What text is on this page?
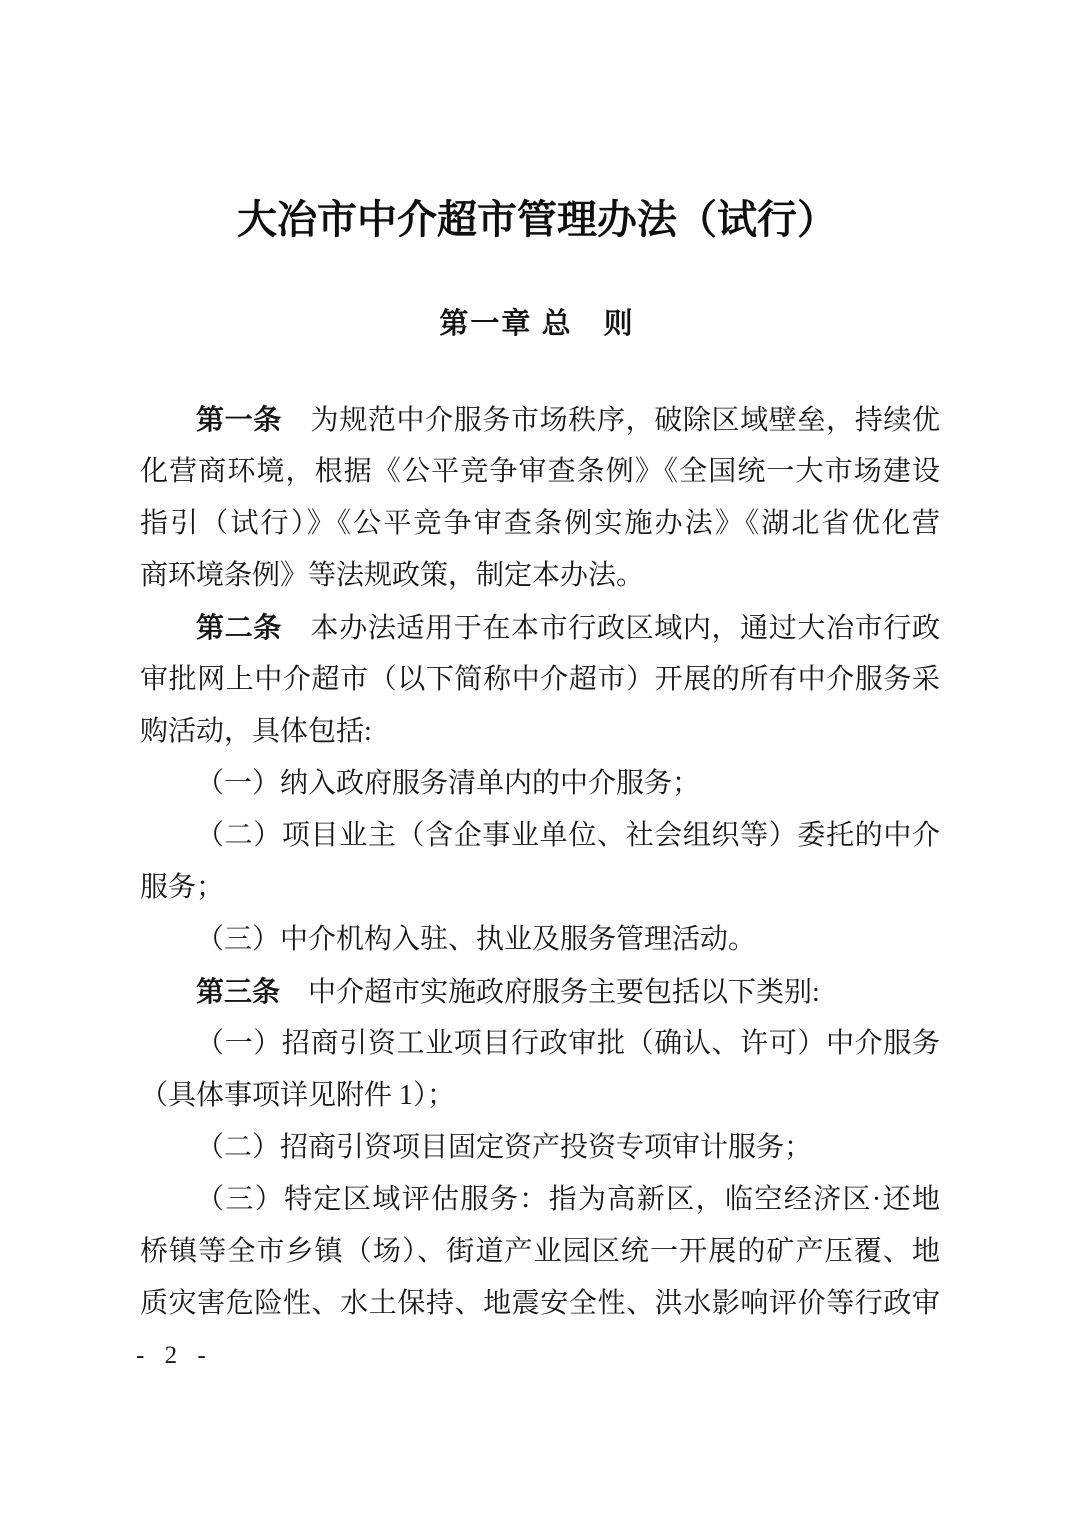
大冶市中介超市管理办法（试行）
第一章 总　则
第一条　为规范中介服务市场秩序，破除区域壁垒，持续优
化营商环境，根据《公平竞争审查条例》《全国统一大市场建设
指引（试行）》《公平竞争审查条例实施办法》《湖北省优化营
商环境条例》等法规政策，制定本办法。
第二条　本办法适用于在本市行政区域内，通过大冶市行政
审批网上中介超市（以下简称中介超市）开展的所有中介服务采
购活动，具体包括:
（一）纳入政府服务清单内的中介服务；
（二）项目业主（含企事业单位、社会组织等）委托的中介
服务；
（三）中介机构入驻、执业及服务管理活动。
第三条　中介超市实施政府服务主要包括以下类别:
（一）招商引资工业项目行政审批（确认、许可）中介服务
（具体事项详见附件 1）；
（二）招商引资项目固定资产投资专项审计服务；
（三）特定区域评估服务：指为高新区，临空经济区·还地
桥镇等全市乡镇（场）、街道产业园区统一开展的矿产压覆、地
质灾害危险性、水土保持、地震安全性、洪水影响评价等行政审
- 2 -
